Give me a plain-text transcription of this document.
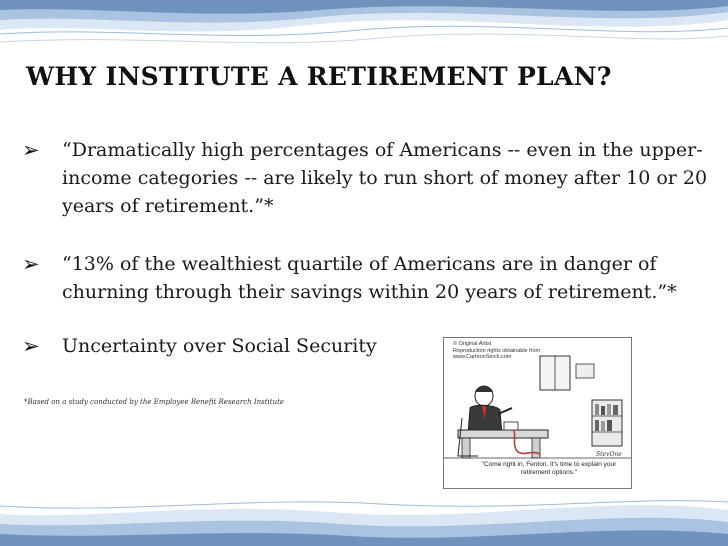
WHY INSTITUTE A RETIREMENT PLAN?
➢	“Dramatically high percentages of Americans -- even in the upper-income categories -- are likely to run short of money after 10 or 20 years of retirement.”*
➢	“13% of the wealthiest quartile of Americans are in danger of churning through their savings within 20 years of retirement.”*
➢	Uncertainty over Social Security
*Based on a study conducted by the Employee Benefit Research Institute
© Original Artist
Reproduction rights obtainable from
www.CartoonStock.com
StevOne
"Come right in, Fenton. It's time to explain your retirement options."
